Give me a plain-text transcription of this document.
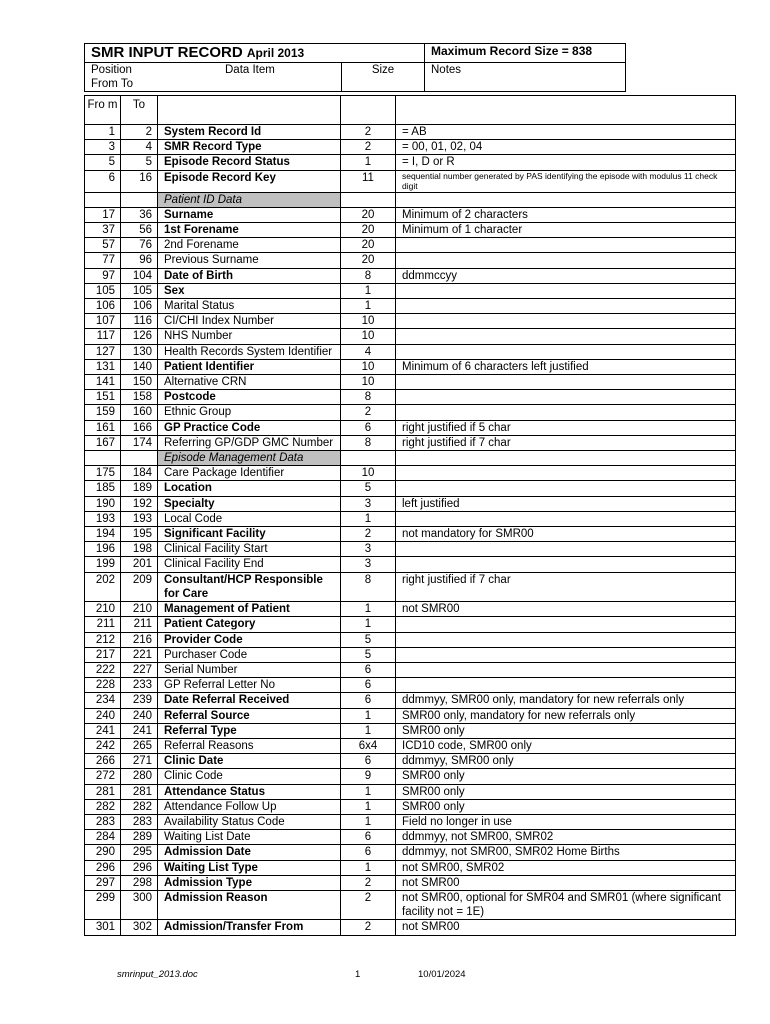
SMR INPUT RECORD April 2013		Maximum Record Size = 838

Position
From To
Data Item	Size	Notes
Fro m	To			
1	2	System Record Id	2	= AB
3	4	SMR Record Type	2	= 00, 01, 02, 04
5	5	Episode Record Status	1	= I, D or R
6	16	Episode Record Key	11	sequential number generated by PAS identifying the episode with modulus 11 check digit
		Patient ID Data		
17	36	Surname	20	Minimum of 2 characters
37	56	1st Forename	20	Minimum of 1 character
57	76	2nd Forename	20	
77	96	Previous Surname	20	
97	104	Date of Birth	8	ddmmccyy
105	105	Sex	1	
106	106	Marital Status	1	
107	116	CI/CHI Index Number	10	
117	126	NHS Number	10	
127	130	Health Records System Identifier	4	
131	140	Patient Identifier	10	Minimum of 6 characters left justified
141	150	Alternative CRN	10	
151	158	Postcode	8	
159	160	Ethnic Group	2	
161	166	GP Practice Code	6	right justified if 5 char
167	174	Referring GP/GDP GMC Number	8	right justified if 7 char
		Episode Management Data		
175	184	Care Package Identifier	10	
185	189	Location	5	
190	192	Specialty	3	left justified
193	193	Local Code	1	
194	195	Significant Facility	2	not mandatory for SMR00
196	198	Clinical Facility Start	3	
199	201	Clinical Facility End	3	
202	209	Consultant/HCP Responsible for Care	8	right justified if 7 char
210	210	Management of Patient	1	not SMR00
211	211	Patient Category	1	
212	216	Provider Code	5	
217	221	Purchaser Code	5	
222	227	Serial Number	6	
228	233	GP Referral Letter No	6	
234	239	Date Referral Received	6	ddmmyy, SMR00 only, mandatory for new referrals only
240	240	Referral Source	1	SMR00 only, mandatory for new referrals only
241	241	Referral Type	1	SMR00 only
242	265	Referral Reasons	6x4	ICD10 code, SMR00 only
266	271	Clinic Date	6	ddmmyy, SMR00 only
272	280	Clinic Code	9	SMR00 only
281	281	Attendance Status	1	SMR00 only
282	282	Attendance Follow Up	1	SMR00 only
283	283	Availability Status Code	1	Field no longer in use
284	289	Waiting List Date	6	ddmmyy, not SMR00, SMR02
290	295	Admission Date	6	ddmmyy, not SMR00, SMR02 Home Births
296	296	Waiting List Type	1	not SMR00, SMR02
297	298	Admission Type	2	not SMR00
299	300	Admission Reason	2	not SMR00, optional for SMR04 and SMR01 (where significant facility not = 1E)
301	302	Admission/Transfer From	2	not SMR00
smrinput_2013.doc	1	10/01/2024
